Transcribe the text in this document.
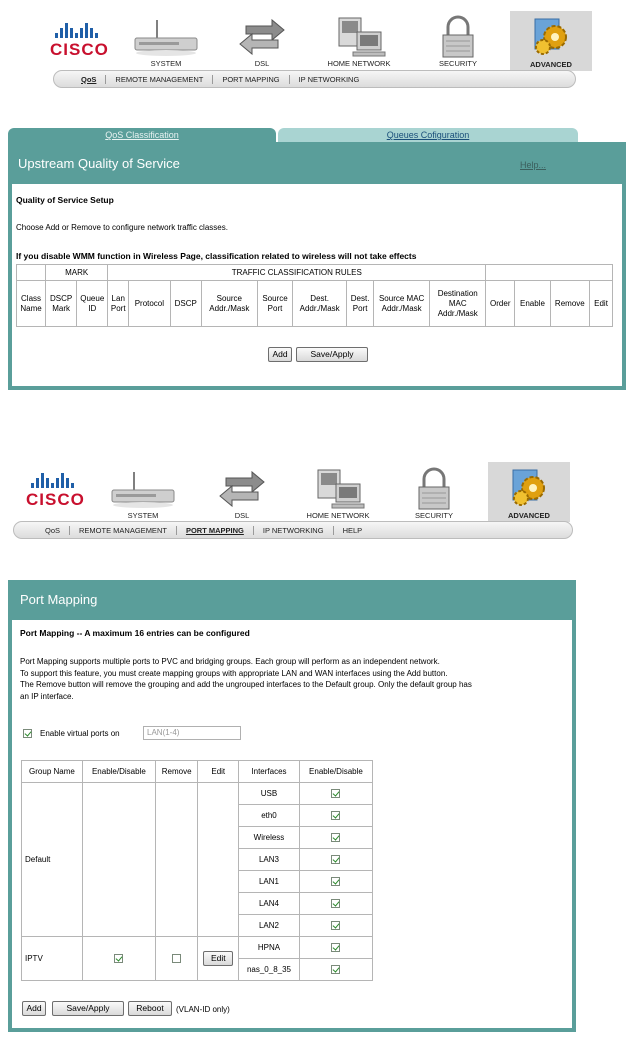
CISCO
SYSTEM	DSL	HOME NETWORK	SECURITY	ADVANCED
QoS	REMOTE MANAGEMENT	PORT MAPPING	IP NETWORKING
QoS Classification	Queues Cofiguration
Upstream Quality of Service	Help...
Quality of Service Setup
Choose Add or Remove to configure network traffic classes.
If you disable WMM function in Wireless Page, classification related to wireless will not take effects
	MARK		TRAFFIC CLASSIFICATION RULES												
Class Name	DSCP Mark	Queue ID	Lan Port	Protocol	DSCP	Source Addr./Mask	Source Port	Dest. Addr./Mask	Dest. Port	Source MAC Addr./Mask	Destination MAC Addr./Mask	Order	Enable	Remove	Edit
Add	Save/Apply
CISCO
SYSTEM	DSL	HOME NETWORK	SECURITY	ADVANCED
QoS	REMOTE MANAGEMENT	PORT MAPPING	IP NETWORKING	HELP
Port Mapping
Port Mapping -- A maximum 16 entries can be configured
Port Mapping supports multiple ports to PVC and bridging groups. Each group will perform as an independent network.
To support this feature, you must create mapping groups with appropriate LAN and WAN interfaces using the Add button.
The Remove button will remove the grouping and add the ungrouped interfaces to the Default group. Only the default group has
an IP interface.
Enable virtual ports on	LAN(1-4)
Group Name	Enable/Disable	Remove	Edit	Interfaces	Enable/Disable
Default				USB	
				eth0	
				Wireless	
				LAN3	
				LAN1	
				LAN4	
				LAN2	
IPTV			Edit	HPNA	
				nas_0_8_35	
Add	Save/Apply	Reboot	(VLAN-ID only)
